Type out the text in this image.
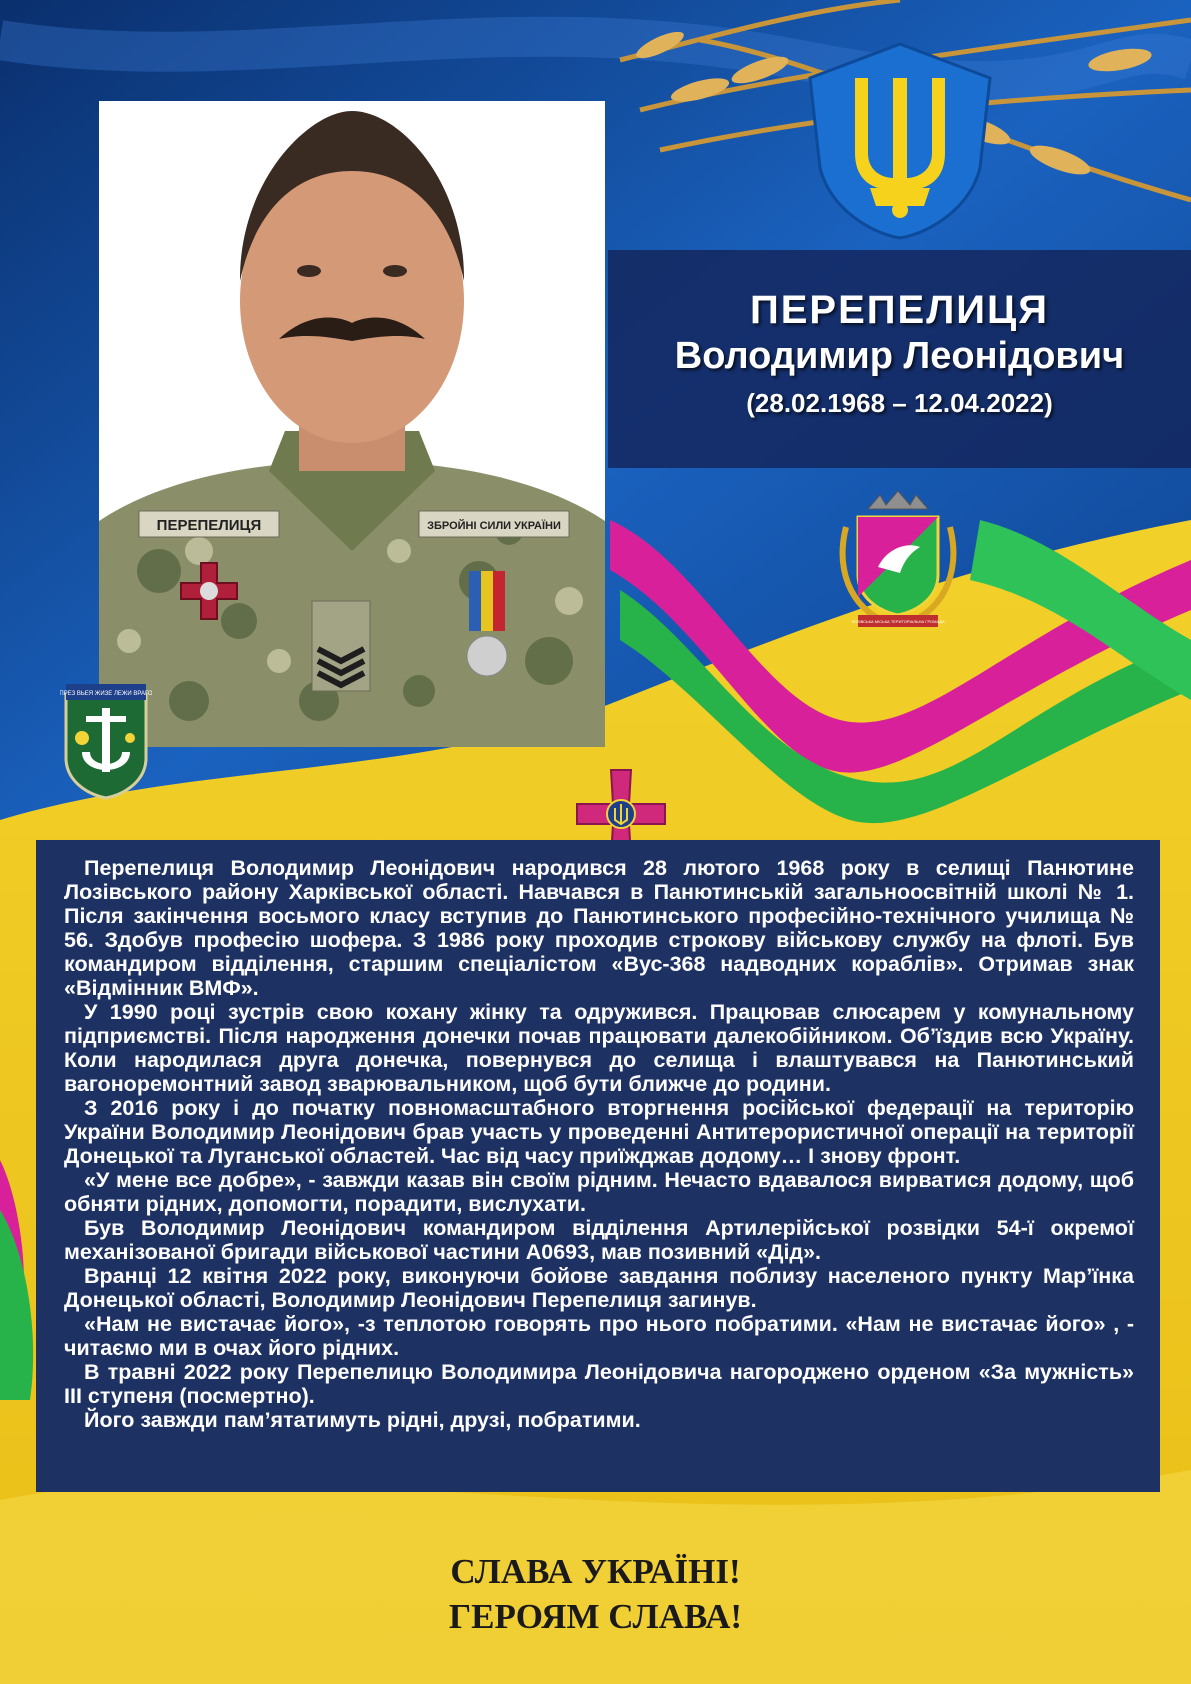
ПЕРЕПЕЛИЦЯ	ЗБРОЙНІ СИЛИ УКРАЇНИ
ПРЕЗ ВЬЕЯ ЖИЗЕ ЛЕЖИ ВРАГО
ЛОЗІВСЬКА МІСЬКА ТЕРИТОРІАЛЬНА ГРОМАДА

ПЕРЕПЕЛИЦЯ

Володимир Леонідович

(28.02.1968 – 12.04.2022)

Перепелиця Володимир Леонідович народився 28 лютого 1968 року в селищі Панютине Лозівського району Харківської області. Навчався в Панютинській загальноосвітній школі № 1. Після закінчення восьмого класу вступив до Панютинського професійно-технічного училища № 56. Здобув професію шофера. З 1986 року проходив строкову військову службу на флоті. Був командиром відділення, старшим спеціалістом «Вус-368 надводних кораблів». Отримав знак «Відмінник ВМФ».

У 1990 році зустрів свою кохану жінку та одружився. Працював слюсарем у комунальному підприємстві. Після народження донечки почав працювати далекобійником. Об’їздив всю Україну. Коли народилася друга донечка, повернувся до селища і влаштувався на Панютинський вагоноремонтний завод зварювальником, щоб бути ближче до родини.

З 2016 року і до початку повномасштабного вторгнення російської федерації на територію України Володимир Леонідович брав участь у проведенні Антитерористичної операції на території Донецької та Луганської областей. Час від часу приїжджав додому… І знову фронт.

«У мене все добре», - завжди казав він своїм рідним. Нечасто вдавалося вирватися додому, щоб обняти рідних, допомогти, порадити, вислухати.

Був Володимир Леонідович командиром відділення Артилерійської розвідки 54-ї окремої механізованої бригади військової частини А0693, мав позивний «Дід».

Вранці 12 квітня 2022 року, виконуючи бойове завдання поблизу населеного пункту Мар’їнка Донецької області, Володимир Леонідович Перепелиця загинув.

«Нам не вистачає його», -з теплотою говорять про нього побратими. «Нам не вистачає його» , - читаємо ми в очах його рідних.

В травні 2022 року Перепелицю Володимира Леонідовича нагороджено орденом «За мужність» ІІІ ступеня (посмертно).

Його завжди пам’ятатимуть рідні, друзі, побратими.

СЛАВА УКРАЇНІ!
ГЕРОЯМ СЛАВА!
